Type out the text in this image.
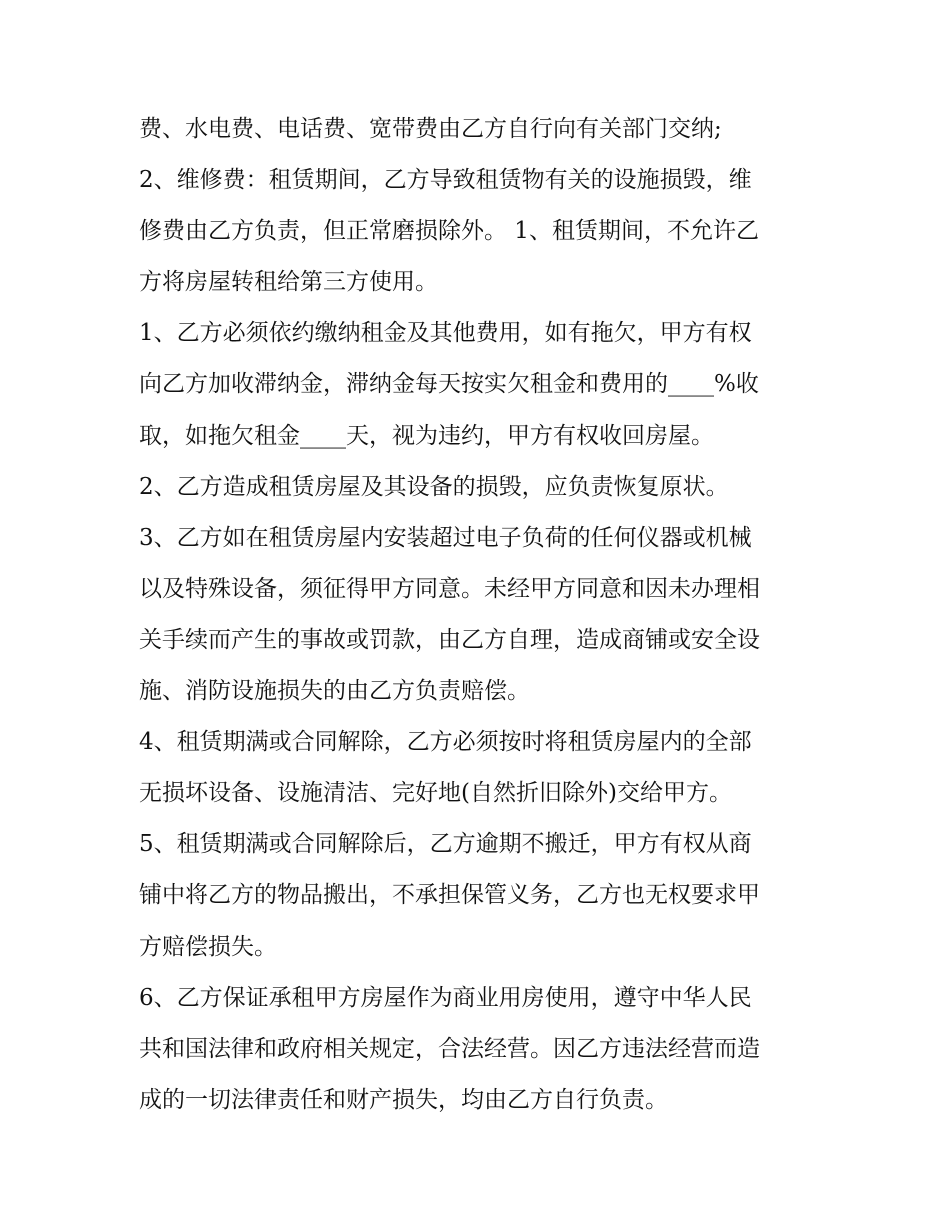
费、水电费、电话费、宽带费由乙方自行向有关部门交纳;
2、维修费：租赁期间，乙方导致租赁物有关的设施损毁，维
修费由乙方负责，但正常磨损除外。 1、租赁期间，不允许乙
方将房屋转租给第三方使用。
1、乙方必须依约缴纳租金及其他费用，如有拖欠，甲方有权
向乙方加收滞纳金，滞纳金每天按实欠租金和费用的____%收
取，如拖欠租金____天，视为违约，甲方有权收回房屋。
2、乙方造成租赁房屋及其设备的损毁，应负责恢复原状。
3、乙方如在租赁房屋内安装超过电子负荷的任何仪器或机械
以及特殊设备，须征得甲方同意。未经甲方同意和因未办理相
关手续而产生的事故或罚款，由乙方自理，造成商铺或安全设
施、消防设施损失的由乙方负责赔偿。
4、租赁期满或合同解除，乙方必须按时将租赁房屋内的全部
无损坏设备、设施清洁、完好地(自然折旧除外)交给甲方。
5、租赁期满或合同解除后，乙方逾期不搬迁，甲方有权从商
铺中将乙方的物品搬出，不承担保管义务，乙方也无权要求甲
方赔偿损失。
6、乙方保证承租甲方房屋作为商业用房使用，遵守中华人民
共和国法律和政府相关规定，合法经营。因乙方违法经营而造
成的一切法律责任和财产损失，均由乙方自行负责。
